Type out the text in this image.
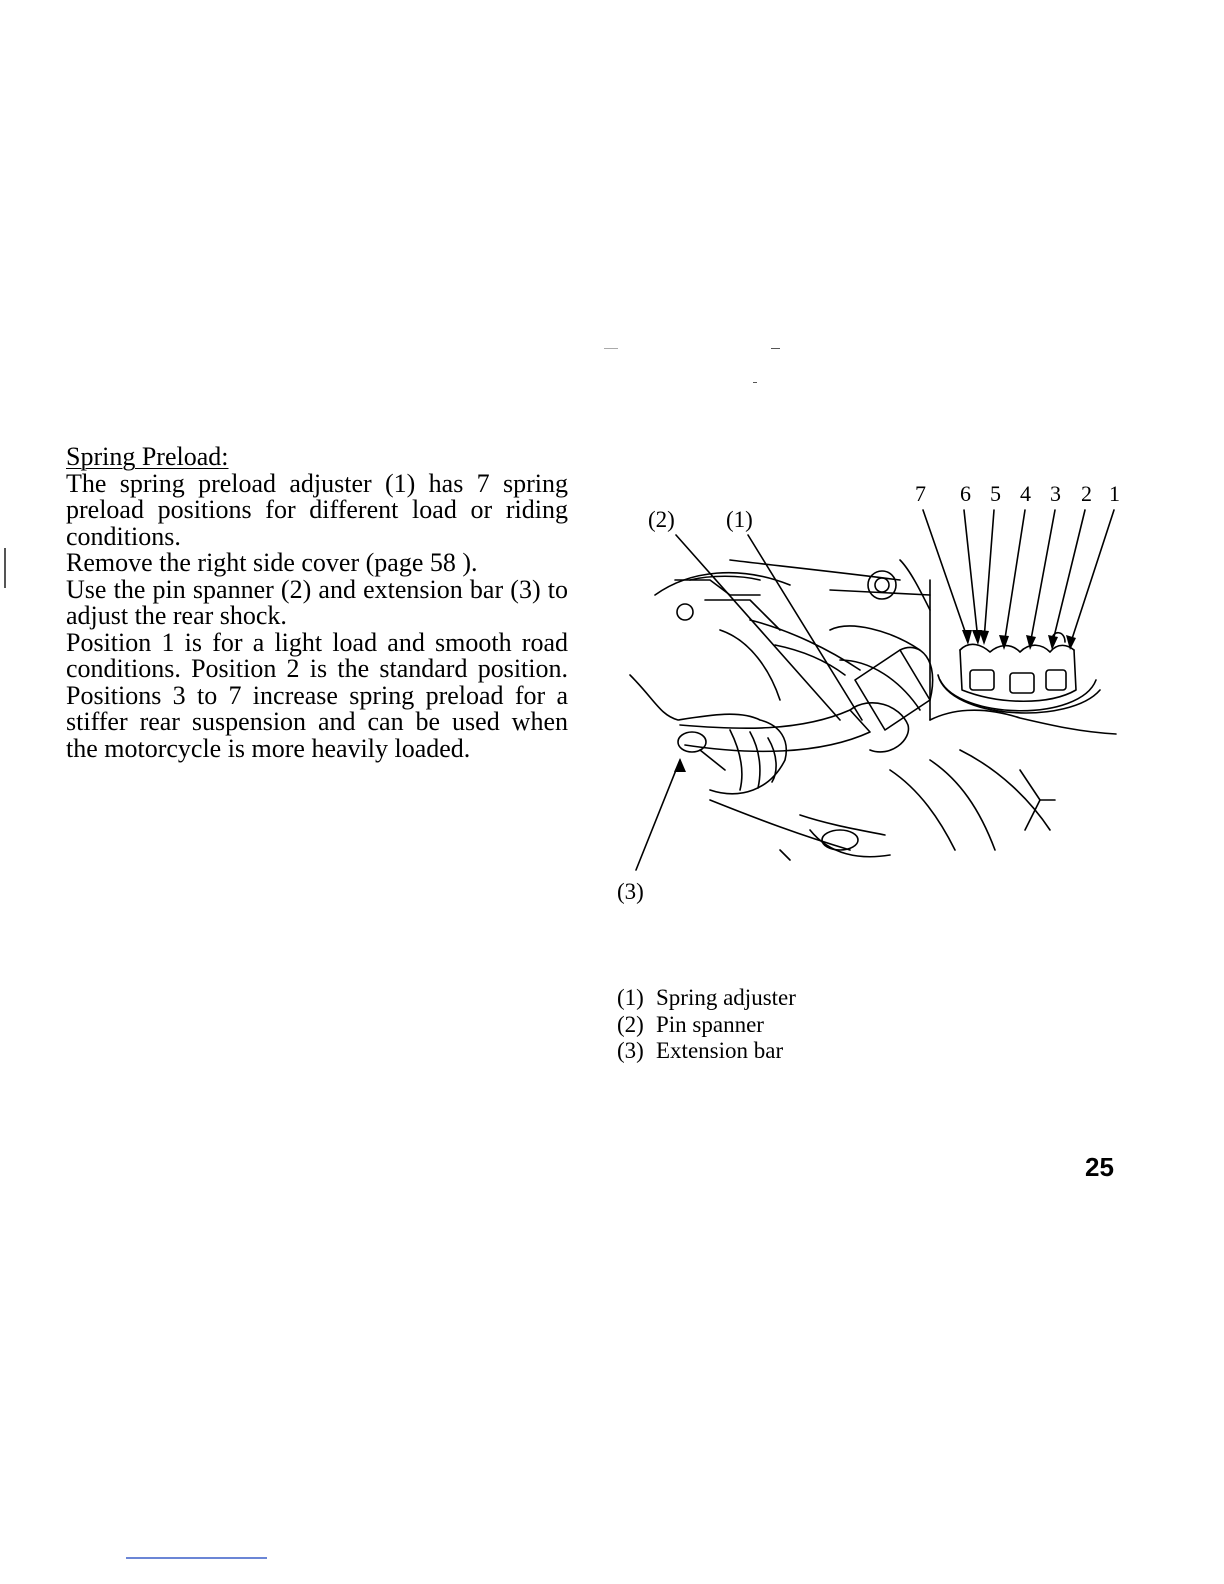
Spring Preload:

The spring preload adjuster (1) has 7 spring preload positions for different load or riding conditions.

Remove the right side cover (page 58 ).

Use the pin spanner (2) and extension bar (3) to adjust the rear shock.

Position 1 is for a light load and smooth road conditions. Position 2 is the standard position. Positions 3 to 7 increase spring preload for a stiffer rear suspension and can be used when the motorcycle is more heavily loaded.

(2) (1)
(3)
7 6 5 4 3 2 1
(1) Spring adjuster
(2) Pin spanner
(3) Extension bar
25
